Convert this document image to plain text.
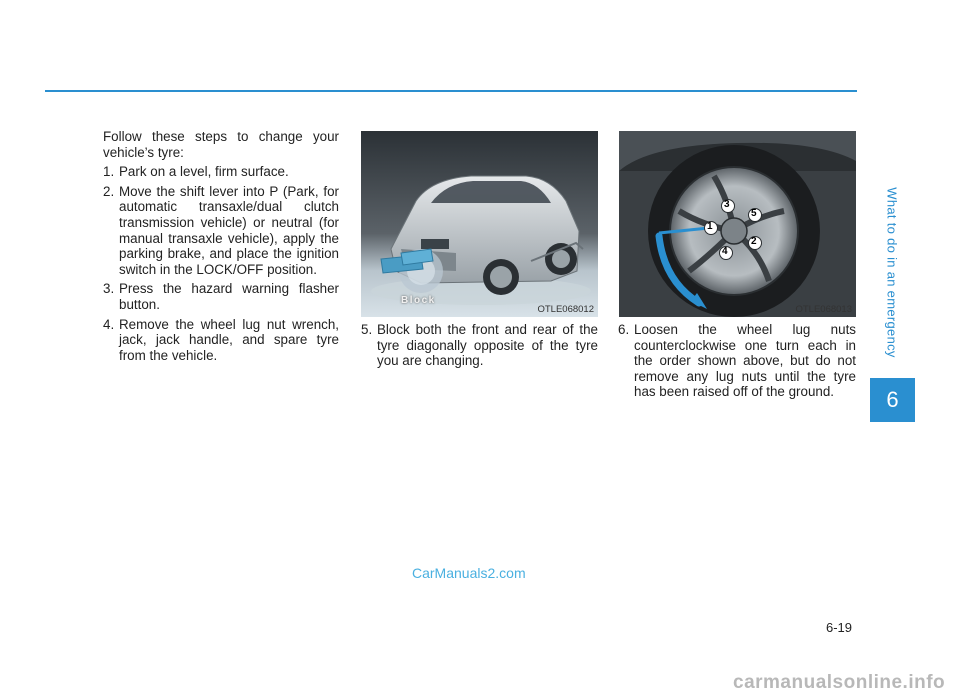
What to do in an emergency
6

Follow these steps to change your vehicle’s tyre:

1. Park on a level, firm surface.
2. Move the shift lever into P (Park, for automatic transaxle/dual clutch transmission vehicle) or neutral (for manual transaxle vehicle), apply the parking brake, and place the ignition switch in the LOCK/OFF position.
3. Press the hazard warning flasher button.
4. Remove the wheel lug nut wrench, jack, jack handle, and spare tyre from the vehicle.
Block
OTLE068012
1
2
3
4
5
OTLE068013
5. Block both the front and rear of the tyre diagonally opposite of the tyre you are changing.
6. Loosen the wheel lug nuts counterclockwise one turn each in the order shown above, but do not remove any lug nuts until the tyre has been raised off of the ground.
CarManuals2.com
6-19
carmanualsonline.info
